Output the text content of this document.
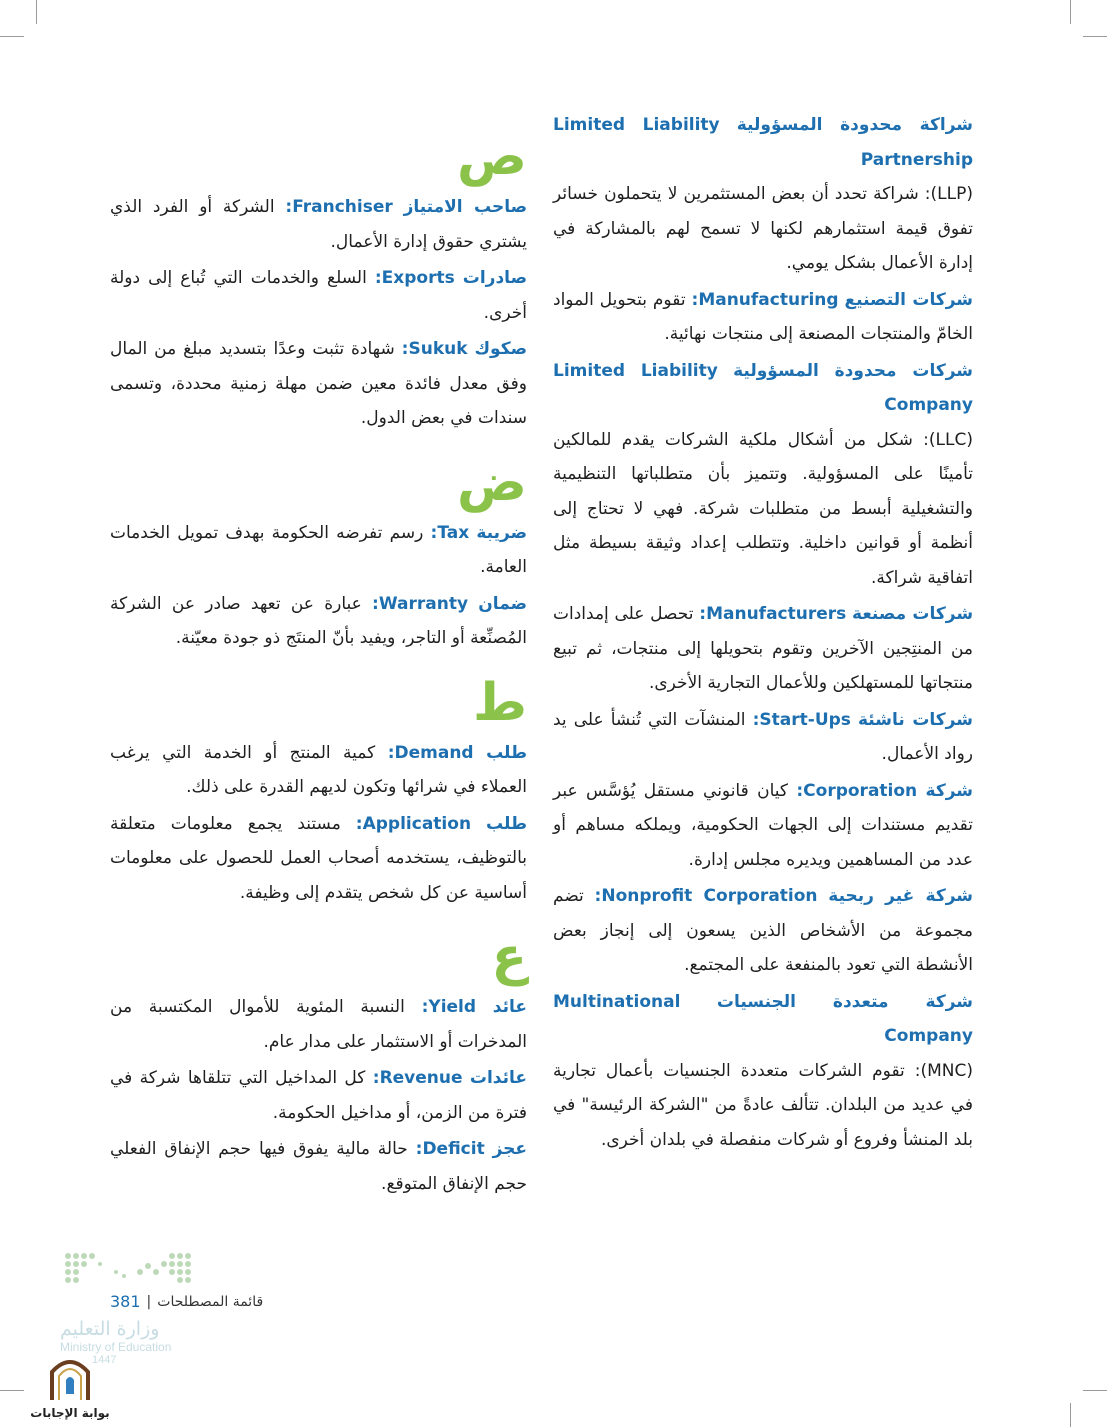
شراكة محدودة المسؤولية Limited Liability Partnership
(LLP): شراكة تحدد أن بعض المستثمرين لا يتحملون خسائر تفوق قيمة استثمارهم لكنها لا تسمح لهم بالمشاركة في إدارة الأعمال بشكل يومي.
شركات التصنيع Manufacturing: تقوم بتحويل المواد الخامّ والمنتجات المصنعة إلى منتجات نهائية.
شركات محدودة المسؤولية Limited Liability Company
(LLC): شكل من أشكال ملكية الشركات يقدم للمالكين تأمينًا على المسؤولية. وتتميز بأن متطلباتها التنظيمية والتشغيلية أبسط من متطلبات شركة. فهي لا تحتاج إلى أنظمة أو قوانين داخلية. وتتطلب إعداد وثيقة بسيطة مثل اتفاقية شراكة.
شركات مصنعة Manufacturers: تحصل على إمدادات من المنتِجين الآخرين وتقوم بتحويلها إلى منتجات، ثم تبيع منتجاتها للمستهلكين وللأعمال التجارية الأخرى.
شركات ناشئة Start-Ups: المنشآت التي تُنشأ على يد رواد الأعمال.
شركة Corporation: كيان قانوني مستقل يُؤسَّس عبر تقديم مستندات إلى الجهات الحكومية، ويملكه مساهم أو عدد من المساهمين ويديره مجلس إدارة.
شركة غير ربحية Nonprofit Corporation: تضم مجموعة من الأشخاص الذين يسعون إلى إنجاز بعض الأنشطة التي تعود بالمنفعة على المجتمع.
شركة متعددة الجنسيات Multinational Company
(MNC): تقوم الشركات متعددة الجنسيات بأعمال تجارية في عديد من البلدان. تتألف عادةً من "الشركة الرئيسة" في بلد المنشأ وفروع أو شركات منفصلة في بلدان أخرى.
ص
صاحب الامتياز Franchiser: الشركة أو الفرد الذي يشتري حقوق إدارة الأعمال.
صادرات Exports: السلع والخدمات التي تُباع إلى دولة أخرى.
صكوك Sukuk: شهادة تثبت وعدًا بتسديد مبلغ من المال وفق معدل فائدة معين ضمن مهلة زمنية محددة، وتسمى سندات في بعض الدول.
ض
ضريبة Tax: رسم تفرضه الحكومة بهدف تمويل الخدمات العامة.
ضمان Warranty: عبارة عن تعهد صادر عن الشركة المُصنِّعة أو التاجر، ويفيد بأنّ المنتَج ذو جودة معيّنة.
ط
طلب Demand: كمية المنتج أو الخدمة التي يرغب العملاء في شرائها وتكون لديهم القدرة على ذلك.
طلب Application: مستند يجمع معلومات متعلقة بالتوظيف، يستخدمه أصحاب العمل للحصول على معلومات أساسية عن كل شخص يتقدم إلى وظيفة.
ع
عائد Yield: النسبة المئوية للأموال المكتسبة من المدخرات أو الاستثمار على مدار عام.
عائدات Revenue: كل المداخيل التي تتلقاها شركة في فترة من الزمن، أو مداخيل الحكومة.
عجز Deficit: حالة مالية يفوق فيها حجم الإنفاق الفعلي حجم الإنفاق المتوقع.
وزارة التعليم
Ministry of Education
1447
381 | قائمة المصطلحات
بوابة الإجابات
